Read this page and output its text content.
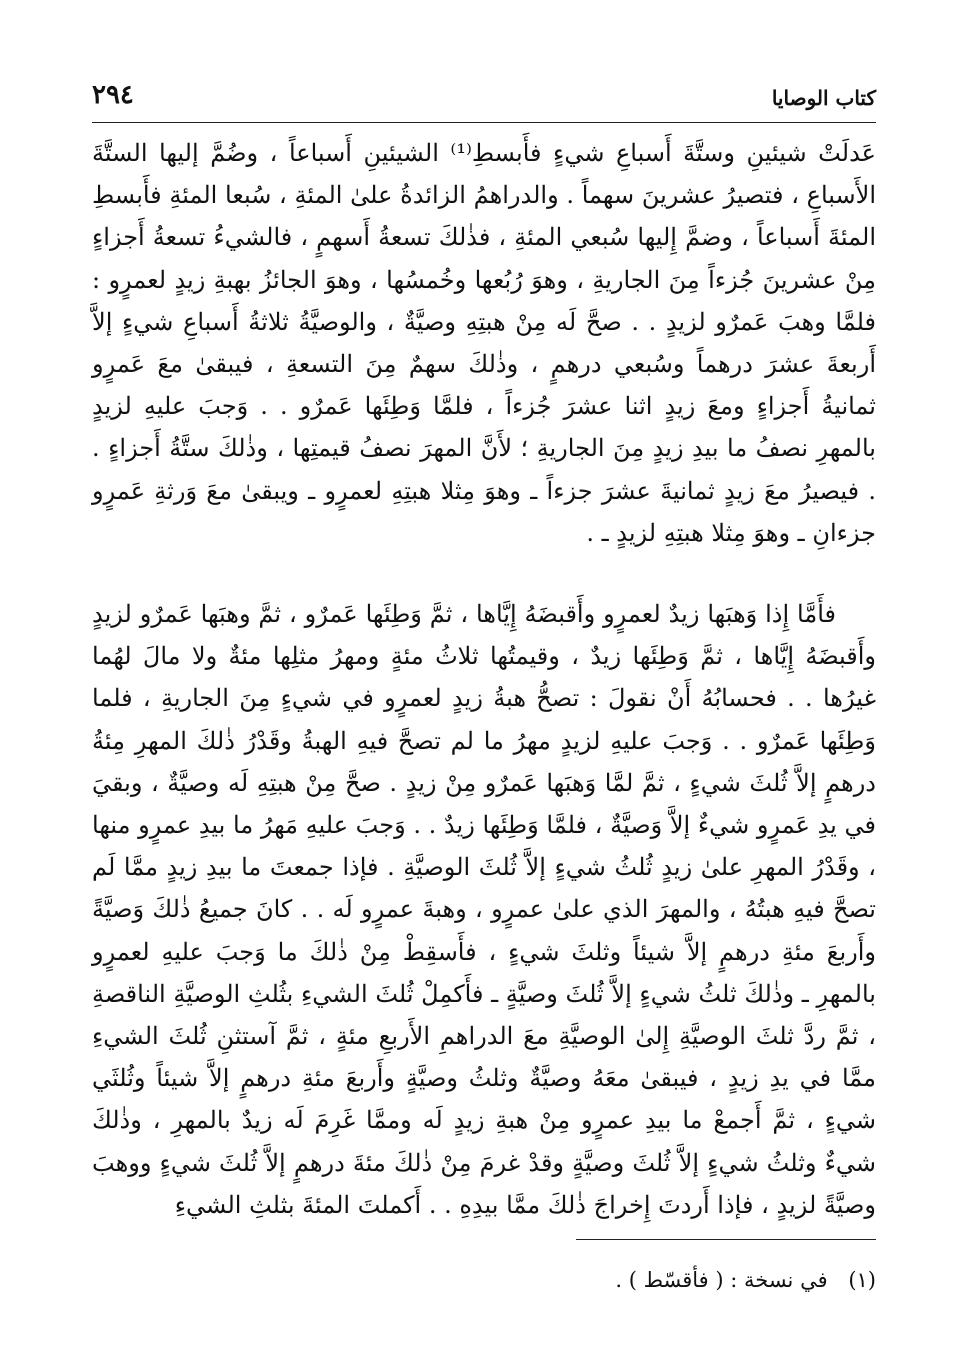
كتاب الوصايا
٢٩٤

عَدلَتْ شيئينِ وستَّةَ أَسباعِ شيءٍ فأَبسطِ⁽¹⁾ الشيئينِ أَسباعاً ، وضُمَّ إليها الستَّةَ الأَسباعِ ، فتصيرُ عشرينَ سهماً . والدراهمُ الزائدةُ علىٰ المئةِ ، سُبعا المئةِ فأَبسطِ المئةَ أَسباعاً ، وضمَّ إِليها سُبعي المئةِ ، فذٰلكَ تسعةُ أَسهمٍ ، فالشيءُ تسعةُ أَجزاءٍ مِنْ عشرينَ جُزءاً مِنَ الجاريةِ ، وهوَ رُبُعها وخُمسُها ، وهوَ الجائزُ بهبةِ زيدٍ لعمرٍو : فلمَّا وهبَ عَمرٌو لزيدٍ . . صحَّ لَه مِنْ هبتِهِ وصيَّةٌ ، والوصيَّةُ ثلاثةُ أَسباعِ شيءٍ إلاَّ أَربعةَ عشرَ درهماً وسُبعي درهمٍ ، وذٰلكَ سهمٌ مِنَ التسعةِ ، فيبقىٰ معَ عَمرٍو ثمانيةُ أَجزاءٍ ومعَ زيدٍ اثنا عشرَ جُزءاً ، فلمَّا وَطِئَها عَمرٌو . . وَجبَ عليهِ لزيدٍ بالمهرِ نصفُ ما بيدِ زيدٍ مِنَ الجاريةِ ؛ لأَنَّ المهرَ نصفُ قيمتِها ، وذٰلكَ ستَّةُ أَجزاءٍ . . فيصيرُ معَ زيدٍ ثمانيةَ عشرَ جزءاً ـ وهوَ مِثلا هبتِهِ لعمرٍو ـ ويبقىٰ معَ وَرثةِ عَمرٍو جزءانِ ـ وهوَ مِثلا هبتِهِ لزيدٍ ـ .

فأَمَّا إِذا وَهبَها زيدٌ لعمرٍو وأَقبضَهُ إِيَّاها ، ثمَّ وَطِئَها عَمرٌو ، ثمَّ وهبَها عَمرٌو لزيدٍ وأَقبضَهُ إِيَّاها ، ثمَّ وَطِئَها زيدٌ ، وقيمتُها ثلاثُ مئةٍ ومهرُ مثلِها مئةٌ ولا مالَ لهُما غيرُها . . فحسابُهُ أَنْ نقولَ : تصحُّ هبةُ زيدٍ لعمرٍو في شيءٍ مِنَ الجاريةِ ، فلما وَطِئَها عَمرٌو . . وَجبَ عليهِ لزيدٍ مهرُ ما لم تصحَّ فيهِ الهبةُ وقَدْرُ ذٰلكَ المهرِ مِئةُ درهمٍ إلاَّ ثُلثَ شيءٍ ، ثمَّ لمَّا وَهبَها عَمرٌو مِنْ زيدٍ . صحَّ مِنْ هبتِهِ لَه وصيَّةٌ ، وبقيَ في يدِ عَمرٍو شيءٌ إلاَّ وَصيَّةٌ ، فلمَّا وَطِئَها زيدٌ . . وَجبَ عليهِ مَهرُ ما بيدِ عمرٍو منها ، وقَدْرُ المهرِ علىٰ زيدٍ ثُلثُ شيءٍ إلاَّ ثُلثَ الوصيَّةِ . فإذا جمعتَ ما بيدِ زيدٍ ممَّا لَم تصحَّ فيهِ هبتُهُ ، والمهرَ الذي علىٰ عمرٍو ، وهبةَ عمرٍو لَه . . كانَ جميعُ ذٰلكَ وَصيَّةً وأَربعَ مئةِ درهمٍ إلاَّ شيئاً وثلثَ شيءٍ ، فأَسقِطْ مِنْ ذٰلكَ ما وَجبَ عليهِ لعمرٍو بالمهرِ ـ وذٰلكَ ثلثُ شيءٍ إلاَّ ثُلثَ وصيَّةٍ ـ فأَكمِلْ ثُلثَ الشيءِ بثُلثِ الوصيَّةِ الناقصةِ ، ثمَّ ردَّ ثلثَ الوصيَّةِ إِلىٰ الوصيَّةِ معَ الدراهمِ الأَربعِ مئةٍ ، ثمَّ آستثنِ ثُلثَ الشيءِ ممَّا في يدِ زيدٍ ، فيبقىٰ معَهُ وصيَّةٌ وثلثُ وصيَّةٍ وأَربعَ مئةِ درهمٍ إلاَّ شيئاً وثُلثَي شيءٍ ، ثمَّ أَجمعْ ما بيدِ عمرٍو مِنْ هبةِ زيدٍ لَه وممَّا غَرِمَ لَه زيدٌ بالمهرِ ، وذٰلكَ شيءٌ وثلثُ شيءٍ إلاَّ ثُلثَ وصيَّةٍ وقدْ غرمَ مِنْ ذٰلكَ مئةَ درهمٍ إلاَّ ثُلثَ شيءٍ ووهبَ وصيَّةً لزيدٍ ، فإذا أَردتَ إِخراجَ ذٰلكَ ممَّا بيدِهِ . . أَكملتَ المئةَ بثلثِ الشيءِ

(١) في نسخة : ( فأقسّط ) .
